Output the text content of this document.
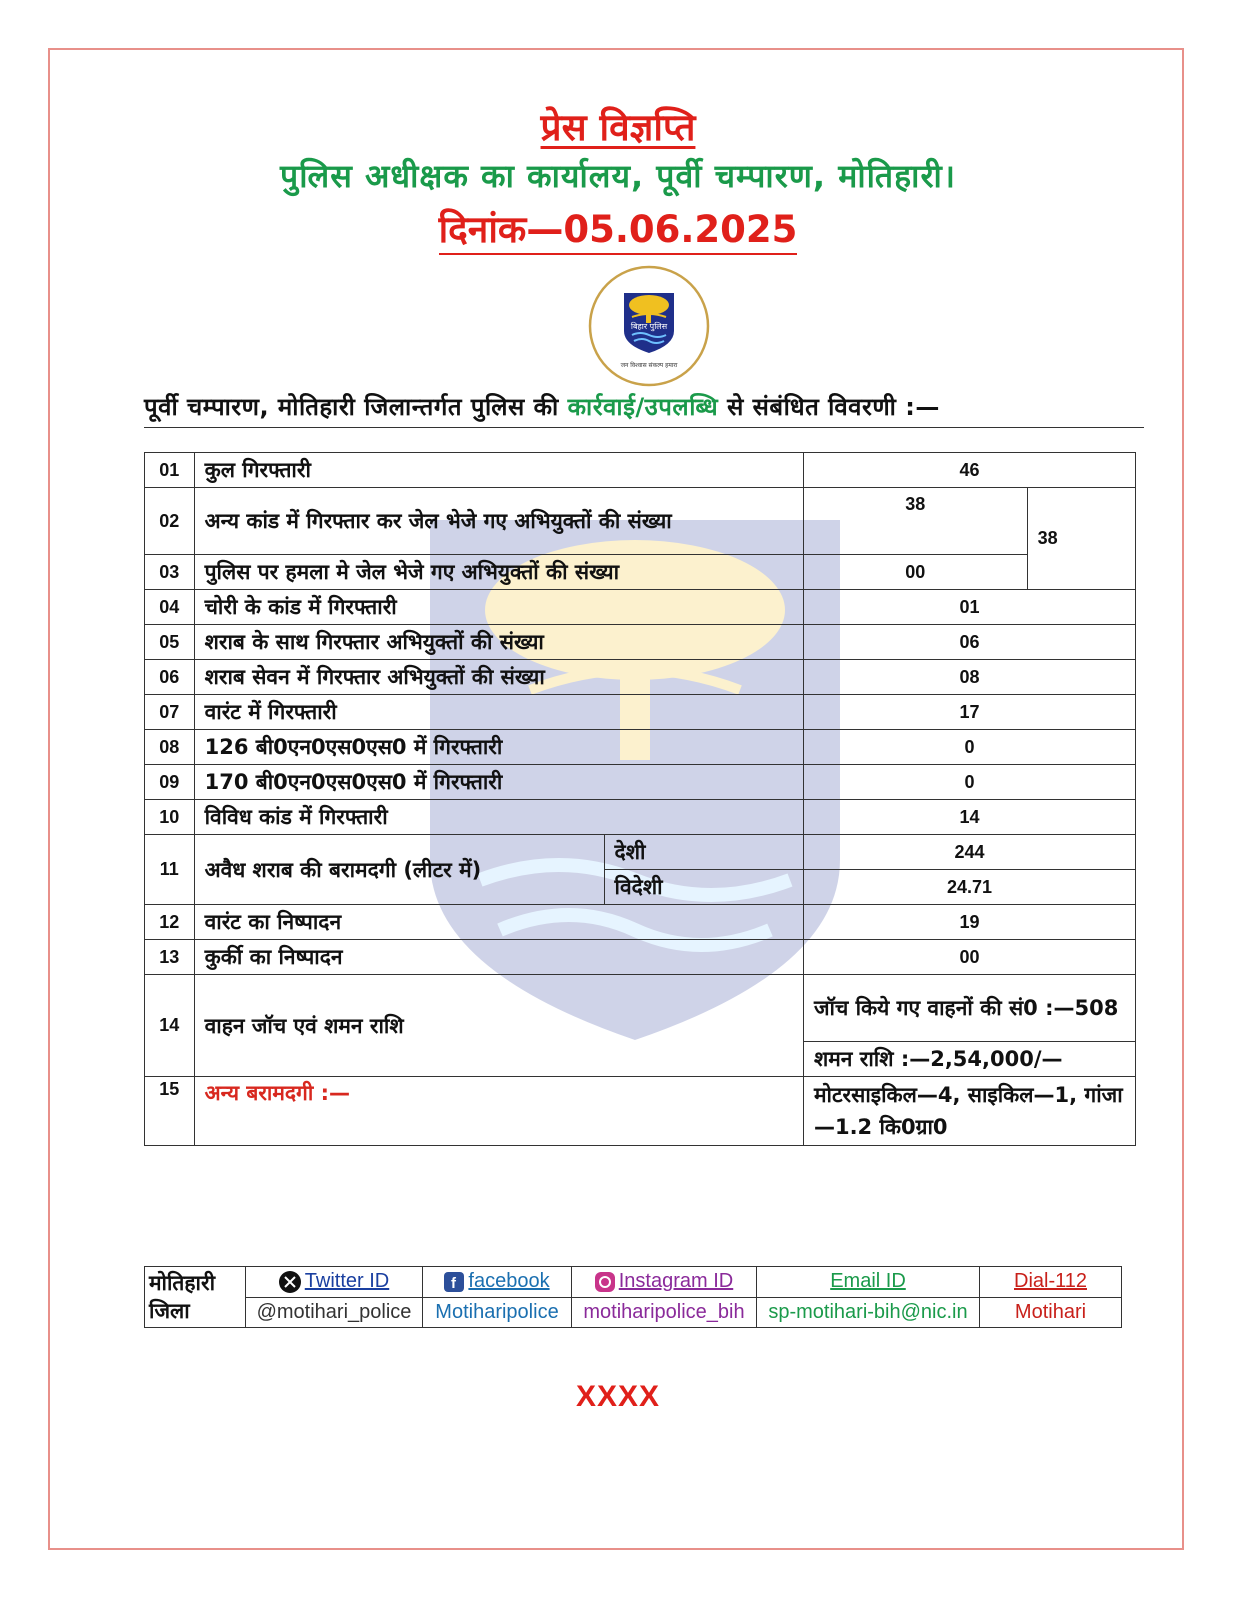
प्रेस विज्ञप्ति
पुलिस अधीक्षक का कार्यालय, पूर्वी चम्पारण, मोतिहारी।
दिनांक—05.06.2025
बिहार पुलिस
जन विश्वास संकल्प हमारा
पूर्वी चम्पारण, मोतिहारी जिलान्तर्गत पुलिस की कार्रवाई/उपलब्धि से संबंधित विवरणी :—
01	कुल गिरफ्तारी		46	
02	अन्य कांड में गिरफ्तार कर जेल भेजे गए अभियुक्तों की संख्या		38	38
03	पुलिस पर हमला मे जेल भेजे गए अभियुक्तों की संख्या		00	
04	चोरी के कांड में गिरफ्तारी		01	
05	शराब के साथ गिरफ्तार अभियुक्तों की संख्या		06	
06	शराब सेवन में गिरफ्तार अभियुक्तों की संख्या		08	
07	वारंट में गिरफ्तारी		17	
08	126 बी0एन0एस0एस0 में गिरफ्तारी		0	
09	170 बी0एन0एस0एस0 में गिरफ्तारी		0	
10	विविध कांड में गिरफ्तारी		14	
11	अवैध शराब की बरामदगी (लीटर में)	देशी	244	
		विदेशी	24.71	
12	वारंट का निष्पादन		19	
13	कुर्की का निष्पादन		00	
14	वाहन जॉच एवं शमन राशि		जॉच किये गए वाहनों की सं0 :—508	
			शमन राशि :—2,54,000/—	
15	अन्य बरामदगी :—		मोटरसाइकिल—4, साइकिल—1, गांजा—1.2 कि0ग्रा0	
मोतिहारी जिला	Twitter ID	f facebook	Instagram ID	Email ID	Dial-112
	@motihari_police	Motiharipolice	motiharipolice_bih	sp-motihari-bih@nic.in	Motihari
XXXX
